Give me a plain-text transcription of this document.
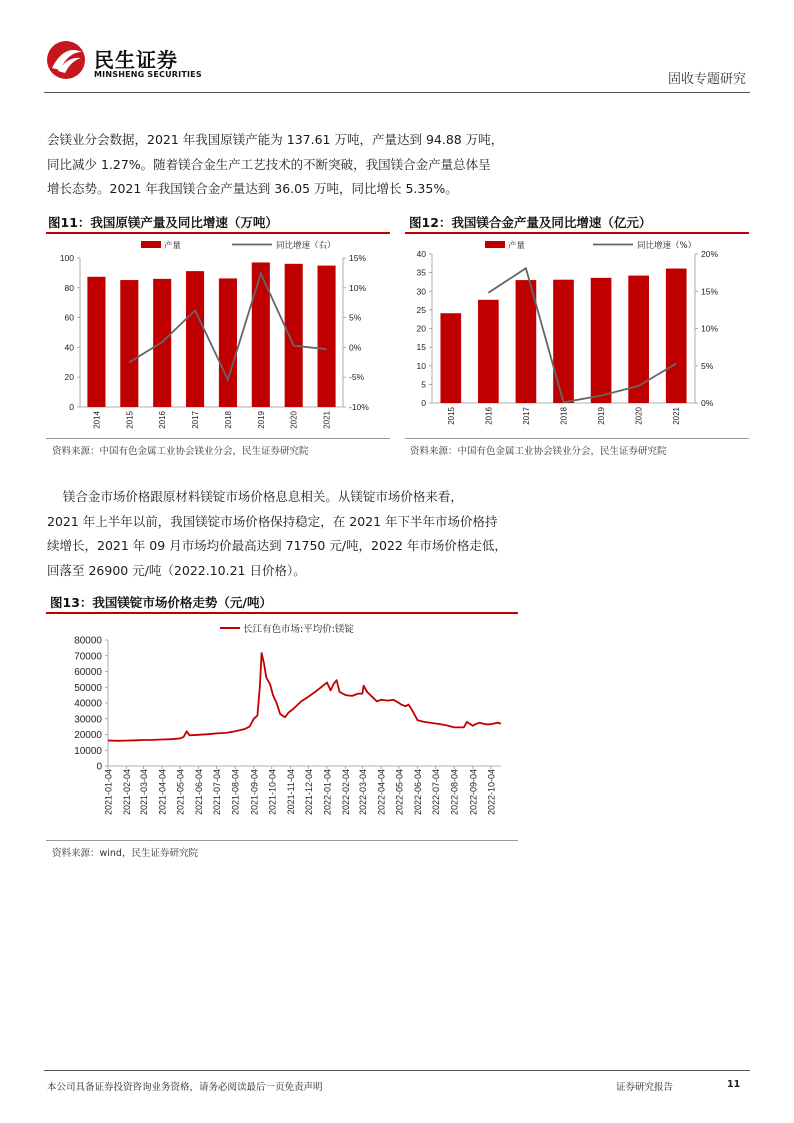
民生证券
MINSHENG SECURITIES	固收专题研究

会镁业分会数据，2021 年我国原镁产能为 137.61 万吨，产量达到 94.88 万吨，

同比减少 1.27%。随着镁合金生产工艺技术的不断突破，我国镁合金产量总体呈

增长态势。2021 年我国镁合金产量达到 36.05 万吨，同比增长 5.35%。

图11：我国原镁产量及同比增速（万吨）
0
20
40
60
80
100
-10%
-5%
0%
5%
10%
15%
2014	2015	2016	2017	2018	2019	2020	2021
产量	同比增速（右）
资料来源：中国有色金属工业协会镁业分会，民生证券研究院
图12：我国镁合金产量及同比增速（亿元）
0
5
10
15
20
25
30
35
40
0%
5%
10%
15%
20%
2015	2016	2017	2018	2019	2020	2021
产量	同比增速（%）
资料来源：中国有色金属工业协会镁业分会，民生证券研究院

镁合金市场价格跟原材料镁锭市场价格息息相关。从镁锭市场价格来看，

2021 年上半年以前，我国镁锭市场价格保持稳定，在 2021 年下半年市场价格持

续增长，2021 年 09 月市场均价最高达到 71750 元/吨，2022 年市场价格走低，

回落至 26900 元/吨（2022.10.21 日价格）。

图13：我国镁锭市场价格走势（元/吨）
0
10000
20000
30000
40000
50000
60000
70000
80000
2021-01-04 2021-02-04 2021-03-04 2021-04-04 2021-05-04 2021-06-04 2021-07-04 2021-08-04 2021-09-04 2021-10-04 2021-11-04 2021-12-04 2022-01-04 2022-02-04 2022-03-04 2022-04-04 2022-05-04 2022-06-04 2022-07-04 2022-08-04 2022-09-04 2022-10-04
长江有色市场:平均价:镁锭
资料来源：wind，民生证券研究院
本公司具备证券投资咨询业务资格，请务必阅读最后一页免责声明	证券研究报告	11
